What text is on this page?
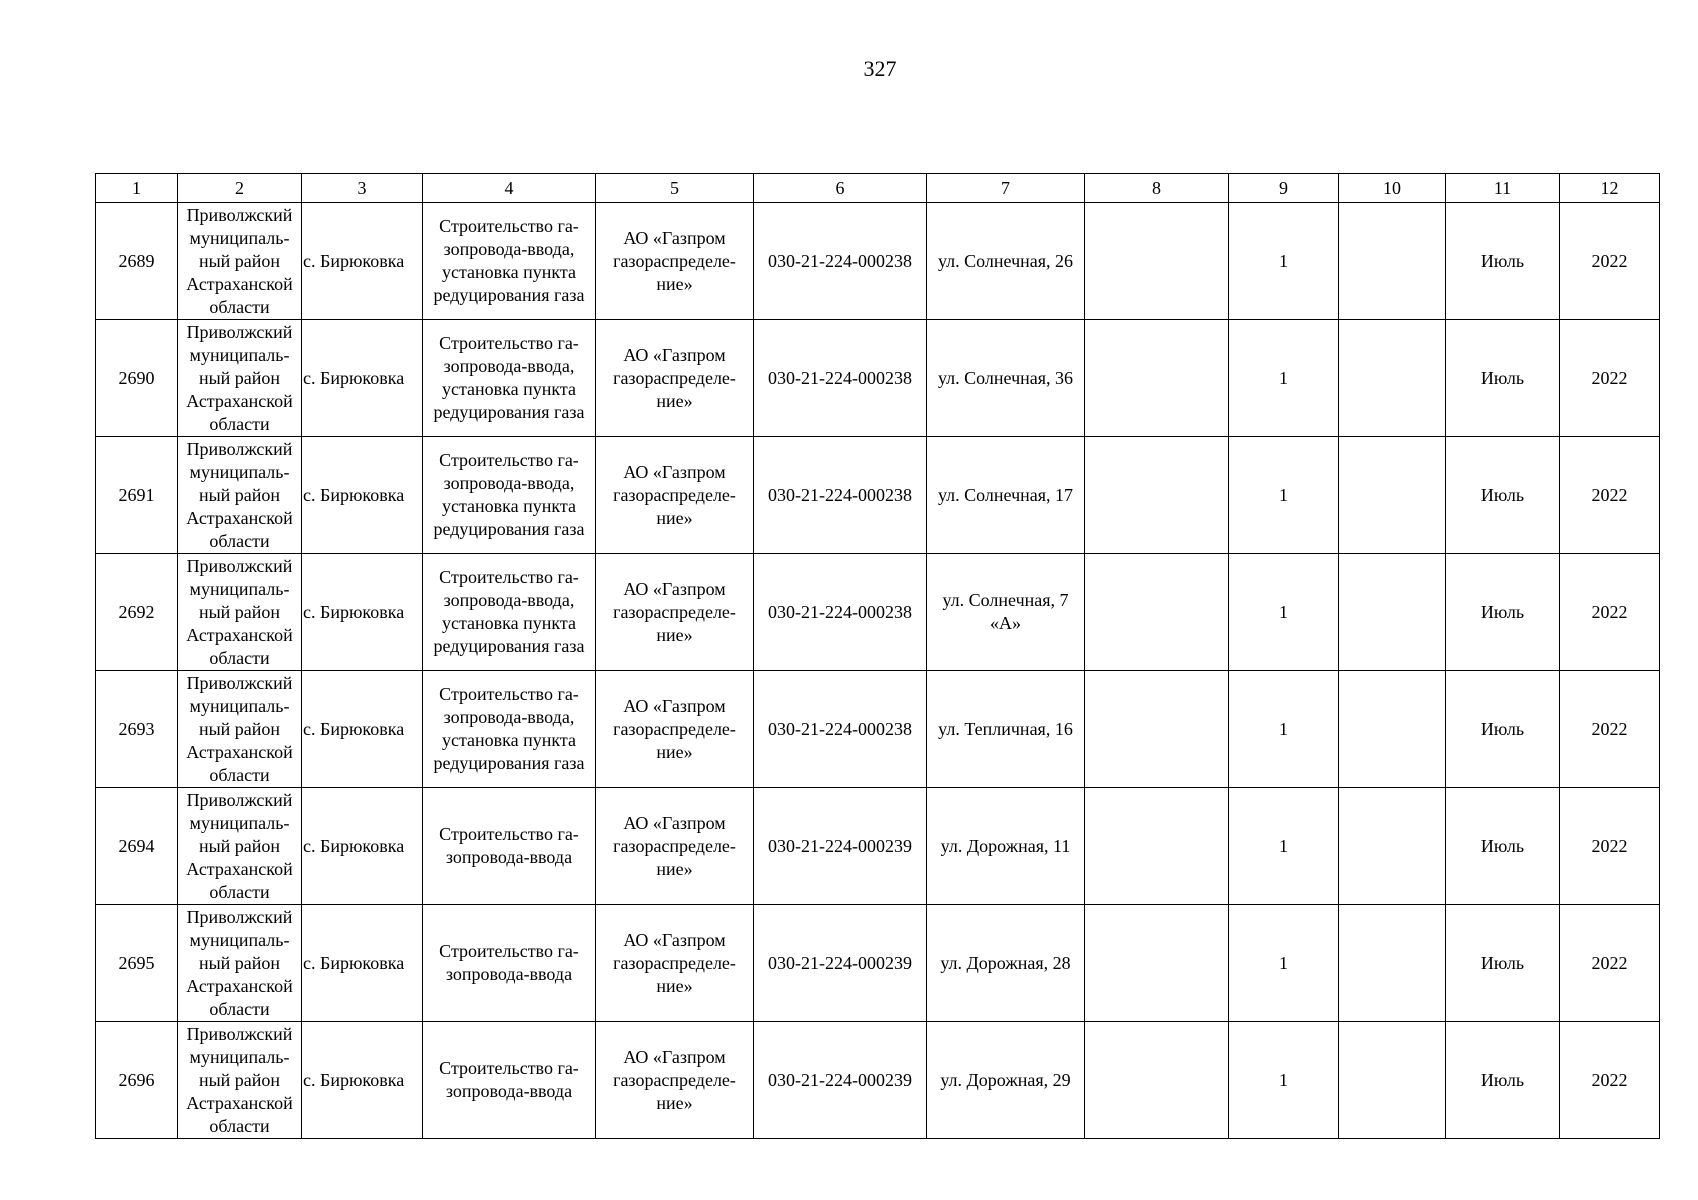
327
1	2	3	4	5	6	7	8	9	10	11	12
2689	Приволжский
муниципаль-
ный район
Астраханской
области	с. Бирюковка	Строительство га-
зопровода-ввода,
установка пункта
редуцирования газа	АО «Газпром
газораспределе-
ние»	030-21-224-000238	ул. Солнечная, 26		1		Июль	2022
2690	Приволжский
муниципаль-
ный район
Астраханской
области	с. Бирюковка	Строительство га-
зопровода-ввода,
установка пункта
редуцирования газа	АО «Газпром
газораспределе-
ние»	030-21-224-000238	ул. Солнечная, 36		1		Июль	2022
2691	Приволжский
муниципаль-
ный район
Астраханской
области	с. Бирюковка	Строительство га-
зопровода-ввода,
установка пункта
редуцирования газа	АО «Газпром
газораспределе-
ние»	030-21-224-000238	ул. Солнечная, 17		1		Июль	2022
2692	Приволжский
муниципаль-
ный район
Астраханской
области	с. Бирюковка	Строительство га-
зопровода-ввода,
установка пункта
редуцирования газа	АО «Газпром
газораспределе-
ние»	030-21-224-000238	ул. Солнечная, 7
«А»		1		Июль	2022
2693	Приволжский
муниципаль-
ный район
Астраханской
области	с. Бирюковка	Строительство га-
зопровода-ввода,
установка пункта
редуцирования газа	АО «Газпром
газораспределе-
ние»	030-21-224-000238	ул. Тепличная, 16		1		Июль	2022
2694	Приволжский
муниципаль-
ный район
Астраханской
области	с. Бирюковка	Строительство га-
зопровода-ввода	АО «Газпром
газораспределе-
ние»	030-21-224-000239	ул. Дорожная, 11		1		Июль	2022
2695	Приволжский
муниципаль-
ный район
Астраханской
области	с. Бирюковка	Строительство га-
зопровода-ввода	АО «Газпром
газораспределе-
ние»	030-21-224-000239	ул. Дорожная, 28		1		Июль	2022
2696	Приволжский
муниципаль-
ный район
Астраханской
области	с. Бирюковка	Строительство га-
зопровода-ввода	АО «Газпром
газораспределе-
ние»	030-21-224-000239	ул. Дорожная, 29		1		Июль	2022
